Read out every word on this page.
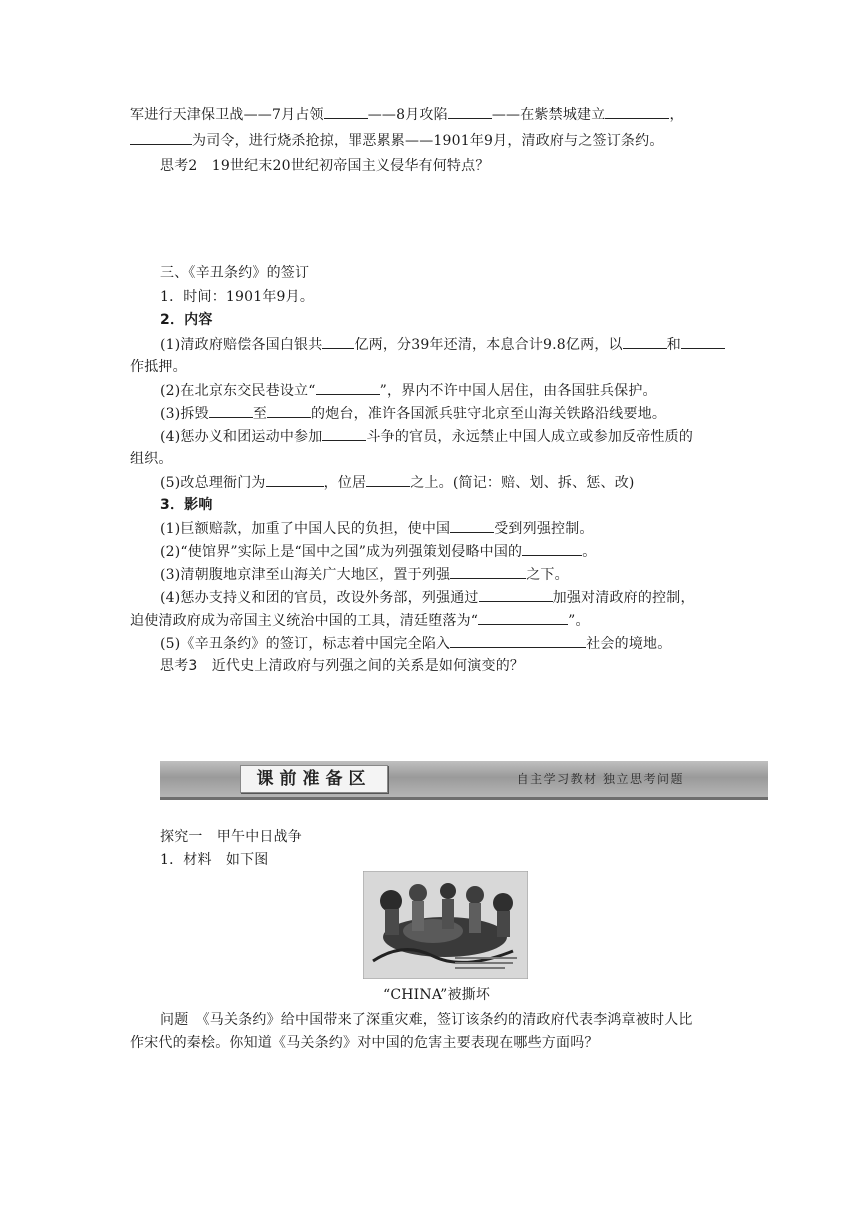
军进行天津保卫战——7月占领	——8月攻陷	——在紫禁城建立	，
为司令，进行烧杀抢掠，罪恶累累——1901年9月，清政府与之签订条约。
思考2　19世纪末20世纪初帝国主义侵华有何特点？
三、《辛丑条约》的签订
1．时间：1901年9月。
2．内容
(1)清政府赔偿各国白银共 亿两，分39年还清，本息合计9.8亿两，以	和
作抵押。
(2)在北京东交民巷设立“	”，界内不许中国人居住，由各国驻兵保护。
(3)拆毁	至	的炮台，准许各国派兵驻守北京至山海关铁路沿线要地。
(4)惩办义和团运动中参加	斗争的官员，永远禁止中国人成立或参加反帝性质的
组织。
(5)改总理衙门为	，位居	之上。(简记：赔、划、拆、惩、改)
3．影响
(1)巨额赔款，加重了中国人民的负担，使中国	受到列强控制。
(2)“使馆界”实际上是“国中之国”成为列强策划侵略中国的	。
(3)清朝腹地京津至山海关广大地区，置于列强	之下。
(4)惩办支持义和团的官员，改设外务部，列强通过	加强对清政府的控制，
迫使清政府成为帝国主义统治中国的工具，清廷堕落为“	”。
(5)《辛丑条约》的签订，标志着中国完全陷入	社会的境地。
思考3　近代史上清政府与列强之间的关系是如何演变的？
课前准备区	自主学习教材 独立思考问题
探究一　甲午中日战争
1．材料　如下图
“CHINA”被撕坏
问题　《马关条约》给中国带来了深重灾难，签订该条约的清政府代表李鸿章被时人比
作宋代的秦桧。你知道《马关条约》对中国的危害主要表现在哪些方面吗？
